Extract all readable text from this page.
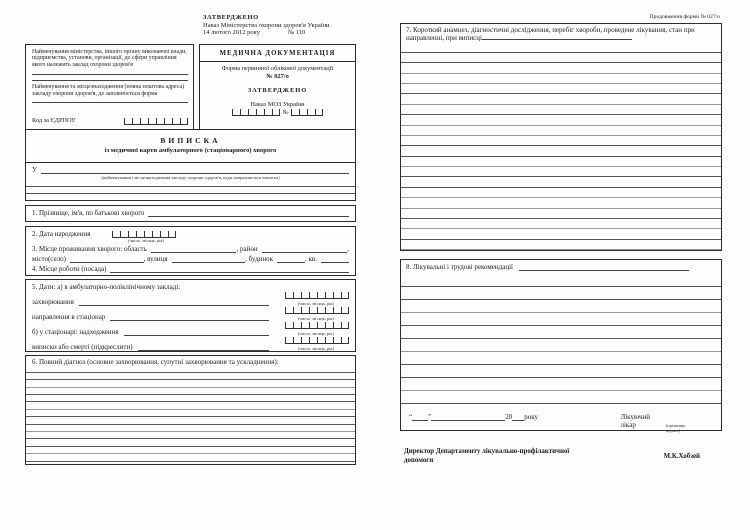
ЗАТВЕРДЖЕНО
Наказ Міністерства охорони здоров'я України
14 лютого 2012 року	№ 110
Найменування міністерства, іншого органу виконавчої влади, підприємства, установи, організації, до сфери управління якого належить заклад охорони здоров'я
Найменування та місцезнаходження (повна поштова адреса) закладу охорони здоров'я, де заповнюється форма
Код за ЄДРПОУ
МЕДИЧНА ДОКУМЕНТАЦІЯ
Форма первинної облікової документації
№ 027/о
ЗАТВЕРДЖЕНО
Наказ МОЗ України
№
ВИПИСКА
із медичної карти амбулаторного (стаціонарного) хворого
У
(найменування і місцезнаходження закладу охорони здоров'я, куди направляється виписка)
1. Прізвище, ім'я, по батькові хворого
2. Дата народження
(число, місяць, рік)
3. Місце проживання хворого: область	, район	,
місто(село)	, вулиця	, будинок	, кв.
4. Місце роботи (посада)
5. Дати: а) в амбулаторно-поліклінічному закладі:
захворювання	(число, місяць, рік)
направлення в стаціонар	(число, місяць, рік)
б) у стаціонарі: надходження	(число, місяць, рік)
виписки або смерті (підкреслити)	(число, місяць, рік)
6. Повний діагноз (основне захворювання, супутні захворювання та ускладнення):
Продовження форми № 027/о
7. Короткий анамнез, діагностичні дослідження, перебіг хвороби, проведене лікування, стан при направленні, при виписці
8. Лікувальні і трудові рекомендації
“ ”	20 року	Лікуючий лікар	(прізвище, підпис)
Директор Департаменту лікувально-профілактичної допомоги	М.К.Хобзей
